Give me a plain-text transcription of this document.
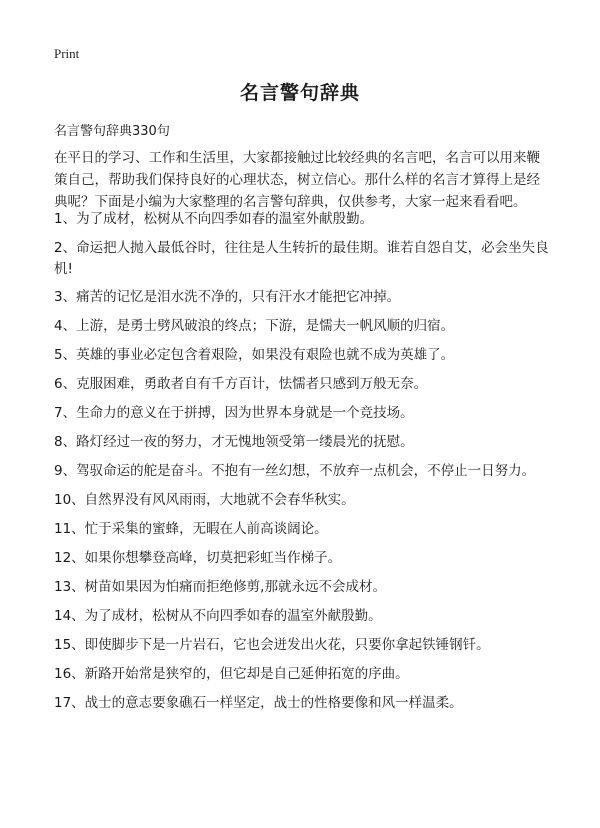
Print
名言警句辞典

名言警句辞典330句

在平日的学习、工作和生活里，大家都接触过比较经典的名言吧，名言可以用来鞭策自己，帮助我们保持良好的心理状态，树立信心。那什么样的名言才算得上是经典呢？下面是小编为大家整理的名言警句辞典，仅供参考，大家一起来看看吧。

1、为了成材，松树从不向四季如春的温室外献殷勤。
2、命运把人抛入最低谷时，往往是人生转折的最佳期。谁若自怨自艾，必会坐失良机!
3、痛苦的记忆是泪水洗不净的，只有汗水才能把它冲掉。
4、上游，是勇士劈风破浪的终点；下游，是懦夫一帆风顺的归宿。
5、英雄的事业必定包含着艰险，如果没有艰险也就不成为英雄了。
6、克服困难，勇敢者自有千方百计，怯懦者只感到万般无奈。
7、生命力的意义在于拼搏，因为世界本身就是一个竞技场。
8、路灯经过一夜的努力，才无愧地领受第一缕晨光的抚慰。
9、驾驭命运的舵是奋斗。不抱有一丝幻想，不放弃一点机会，不停止一日努力。
10、自然界没有风风雨雨，大地就不会春华秋实。
11、忙于采集的蜜蜂，无暇在人前高谈阔论。
12、如果你想攀登高峰，切莫把彩虹当作梯子。
13、树苗如果因为怕痛而拒绝修剪,那就永远不会成材。
14、为了成材，松树从不向四季如春的温室外献殷勤。
15、即使脚步下是一片岩石，它也会迸发出火花，只要你拿起铁锤钢钎。
16、新路开始常是狭窄的，但它却是自己延伸拓宽的序曲。
17、战士的意志要象礁石一样坚定，战士的性格要像和风一样温柔。
